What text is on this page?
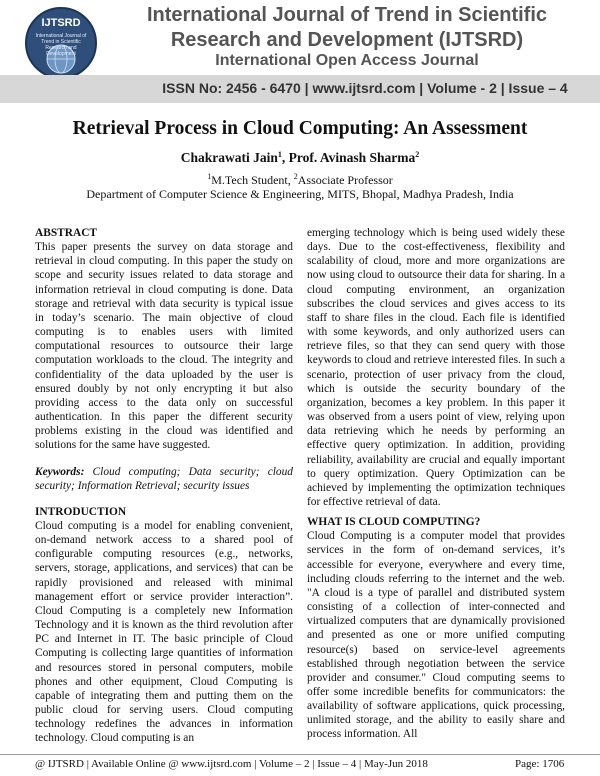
IJTSRD
International Journal of Trend in Scientific Research and Development
International Journal of Trend in Scientific
Research and Development (IJTSRD)
International Open Access Journal
ISSN No: 2456 - 6470 | www.ijtsrd.com | Volume - 2 | Issue – 4
Retrieval Process in Cloud Computing: An Assessment
Chakrawati Jain$^1$, Prof. Avinash Sharma$^2$
$^1$M.Tech Student, $^2$Associate Professor
Department of Computer Science & Engineering, MITS, Bhopal, Madhya Pradesh, India

ABSTRACT

This paper presents the survey on data storage and retrieval in cloud computing. In this paper the study on scope and security issues related to data storage and information retrieval in cloud computing is done. Data storage and retrieval with data security is typical issue in today’s scenario. The main objective of cloud computing is to enables users with limited computational resources to outsource their large computation workloads to the cloud. The integrity and confidentiality of the data uploaded by the user is ensured doubly by not only encrypting it but also providing access to the data only on successful authentication. In this paper the different security problems existing in the cloud was identified and solutions for the same have suggested.

Keywords: Cloud computing; Data security; cloud security; Information Retrieval; security issues

INTRODUCTION

Cloud computing is a model for enabling convenient, on-demand network access to a shared pool of configurable computing resources (e.g., networks, servers, storage, applications, and services) that can be rapidly provisioned and released with minimal management effort or service provider interaction”. Cloud Computing is a completely new Information Technology and it is known as the third revolution after PC and Internet in IT. The basic principle of Cloud Computing is collecting large quantities of information and resources stored in personal computers, mobile phones and other equipment, Cloud Computing is capable of integrating them and putting them on the public cloud for serving users. Cloud computing technology redefines the advances in information technology. Cloud computing is an

emerging technology which is being used widely these days. Due to the cost-effectiveness, flexibility and scalability of cloud, more and more organizations are now using cloud to outsource their data for sharing. In a cloud computing environment, an organization subscribes the cloud services and gives access to its staff to share files in the cloud. Each file is identified with some keywords, and only authorized users can retrieve files, so that they can send query with those keywords to cloud and retrieve interested files. In such a scenario, protection of user privacy from the cloud, which is outside the security boundary of the organization, becomes a key problem. In this paper it was observed from a users point of view, relying upon data retrieving which he needs by performing an effective query optimization. In addition, providing reliability, availability are crucial and equally important to query optimization. Query Optimization can be achieved by implementing the optimization techniques for effective retrieval of data.

WHAT IS CLOUD COMPUTING?

Cloud Computing is a computer model that provides services in the form of on-demand services, it’s accessible for everyone, everywhere and every time, including clouds referring to the internet and the web. "A cloud is a type of parallel and distributed system consisting of a collection of inter-connected and virtualized computers that are dynamically provisioned and presented as one or more unified computing resource(s) based on service-level agreements established through negotiation between the service provider and consumer." Cloud computing seems to offer some incredible benefits for communicators: the availability of software applications, quick processing, unlimited storage, and the ability to easily share and process information. All

@ IJTSRD | Available Online @ www.ijtsrd.com | Volume – 2 | Issue – 4 | May-Jun 2018	Page: 1706
